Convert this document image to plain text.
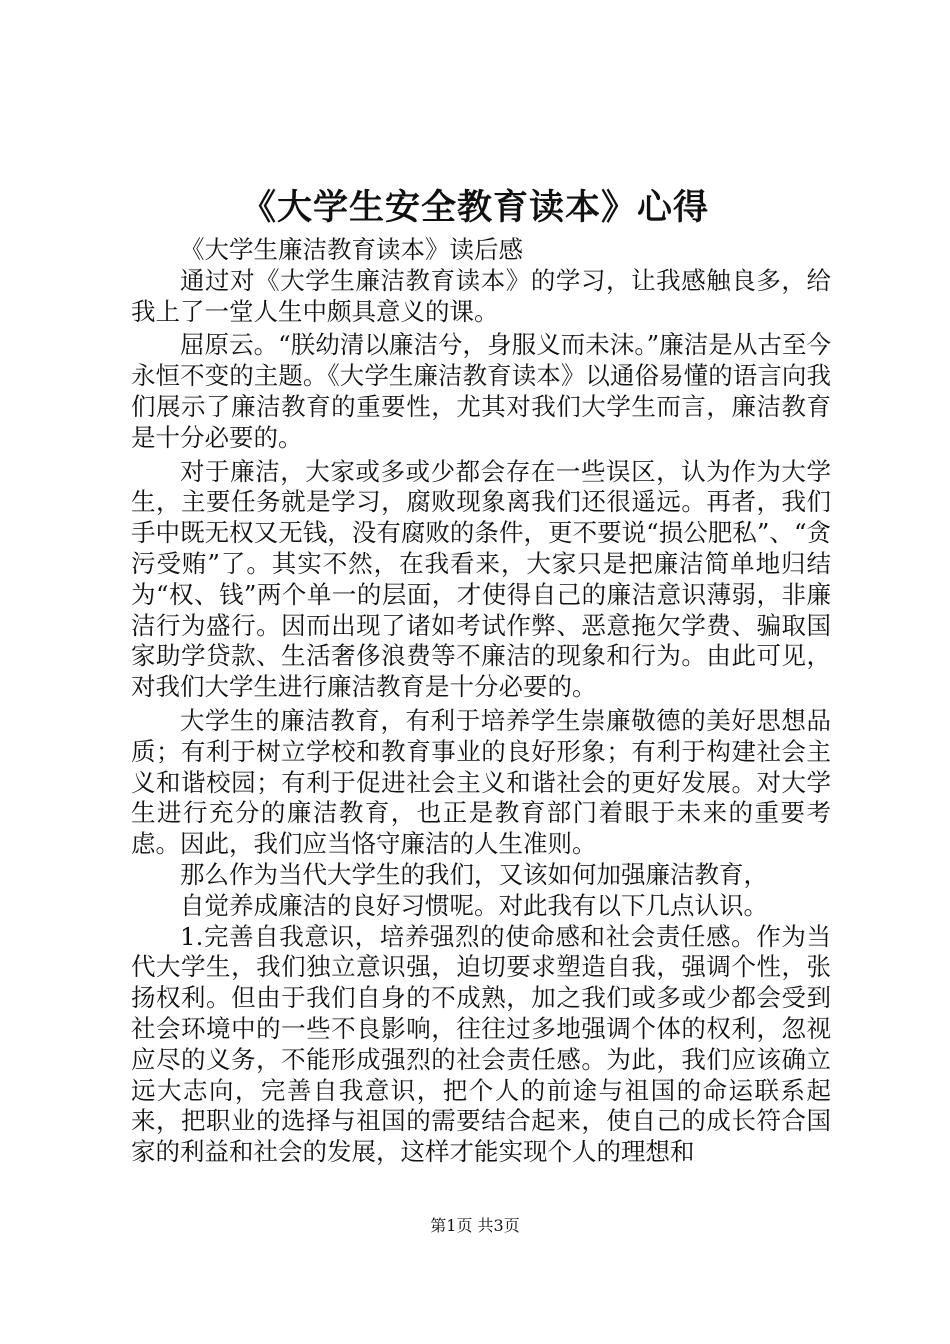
《大学生安全教育读本》心得

《大学生廉洁教育读本》读后感

通过对《大学生廉洁教育读本》的学习，让我感触良多，给我上了一堂人生中颇具意义的课。

屈原云。“朕幼清以廉洁兮，身服义而未沫。”廉洁是从古至今永恒不变的主题。《大学生廉洁教育读本》以通俗易懂的语言向我们展示了廉洁教育的重要性，尤其对我们大学生而言，廉洁教育是十分必要的。

对于廉洁，大家或多或少都会存在一些误区，认为作为大学生，主要任务就是学习，腐败现象离我们还很遥远。再者，我们手中既无权又无钱，没有腐败的条件，更不要说“损公肥私”、“贪污受贿”了。其实不然，在我看来，大家只是把廉洁简单地归结为“权、钱”两个单一的层面，才使得自己的廉洁意识薄弱，非廉洁行为盛行。因而出现了诸如考试作弊、恶意拖欠学费、骗取国家助学贷款、生活奢侈浪费等不廉洁的现象和行为。由此可见，对我们大学生进行廉洁教育是十分必要的。

大学生的廉洁教育，有利于培养学生崇廉敬德的美好思想品质；有利于树立学校和教育事业的良好形象；有利于构建社会主义和谐校园；有利于促进社会主义和谐社会的更好发展。对大学生进行充分的廉洁教育，也正是教育部门着眼于未来的重要考虑。因此，我们应当恪守廉洁的人生准则。

那么作为当代大学生的我们，又该如何加强廉洁教育，

自觉养成廉洁的良好习惯呢。对此我有以下几点认识。

1.完善自我意识，培养强烈的使命感和社会责任感。作为当代大学生，我们独立意识强，迫切要求塑造自我，强调个性，张扬权利。但由于我们自身的不成熟，加之我们或多或少都会受到社会环境中的一些不良影响，往往过多地强调个体的权利，忽视应尽的义务，不能形成强烈的社会责任感。为此，我们应该确立远大志向，完善自我意识，把个人的前途与祖国的命运联系起来，把职业的选择与祖国的需要结合起来，使自己的成长符合国家的利益和社会的发展，这样才能实现个人的理想和

第1页 共3页
